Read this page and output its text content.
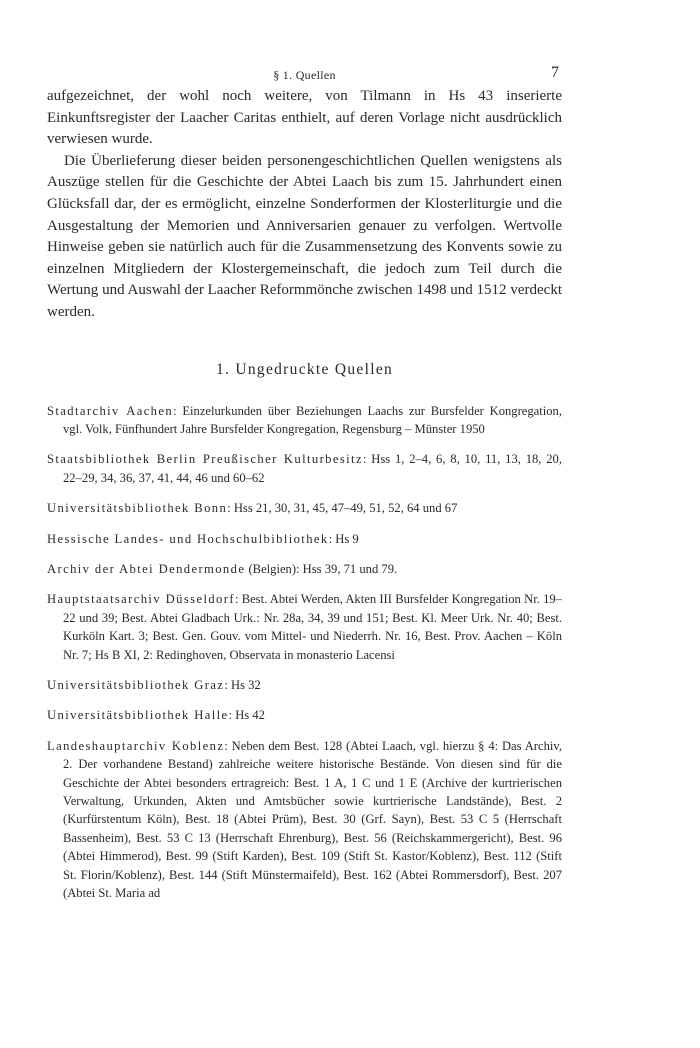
§ 1. Quellen	7

aufgezeichnet, der wohl noch weitere, von Tilmann in Hs 43 inserierte Einkunftsregister der Laacher Caritas enthielt, auf deren Vorlage nicht ausdrücklich verwiesen wurde.

Die Überlieferung dieser beiden personengeschichtlichen Quellen wenigstens als Auszüge stellen für die Geschichte der Abtei Laach bis zum 15. Jahrhundert einen Glücksfall dar, der es ermöglicht, einzelne Sonderformen der Klosterliturgie und die Ausgestaltung der Memorien und Anniversarien genauer zu verfolgen. Wertvolle Hinweise geben sie natürlich auch für die Zusammensetzung des Konvents sowie zu einzelnen Mitgliedern der Klostergemeinschaft, die jedoch zum Teil durch die Wertung und Auswahl der Laacher Reformmönche zwischen 1498 und 1512 verdeckt werden.

1. Ungedruckte Quellen

Stadtarchiv Aachen: Einzelurkunden über Beziehungen Laachs zur Bursfelder Kongregation, vgl. Volk, Fünfhundert Jahre Bursfelder Kongregation, Regensburg – Münster 1950

Staatsbibliothek Berlin Preußischer Kulturbesitz: Hss 1, 2–4, 6, 8, 10, 11, 13, 18, 20, 22–29, 34, 36, 37, 41, 44, 46 und 60–62

Universitätsbibliothek Bonn: Hss 21, 30, 31, 45, 47–49, 51, 52, 64 und 67

Hessische Landes- und Hochschulbibliothek: Hs 9

Archiv der Abtei Dendermonde (Belgien): Hss 39, 71 und 79.

Hauptstaatsarchiv Düsseldorf: Best. Abtei Werden, Akten III Bursfelder Kongregation Nr. 19–22 und 39; Best. Abtei Gladbach Urk.: Nr. 28a, 34, 39 und 151; Best. Kl. Meer Urk. Nr. 40; Best. Kurköln Kart. 3; Best. Gen. Gouv. vom Mittel- und Niederrh. Nr. 16, Best. Prov. Aachen – Köln Nr. 7; Hs B XI, 2: Redinghoven, Observata in monasterio Lacensi

Universitätsbibliothek Graz: Hs 32

Universitätsbibliothek Halle: Hs 42

Landeshauptarchiv Koblenz: Neben dem Best. 128 (Abtei Laach, vgl. hierzu § 4: Das Archiv, 2. Der vorhandene Bestand) zahlreiche weitere historische Bestände. Von diesen sind für die Geschichte der Abtei besonders ertragreich: Best. 1 A, 1 C und 1 E (Archive der kurtrierischen Verwaltung, Urkunden, Akten und Amtsbücher sowie kurtrierische Landstände), Best. 2 (Kurfürstentum Köln), Best. 18 (Abtei Prüm), Best. 30 (Grf. Sayn), Best. 53 C 5 (Herrschaft Bassenheim), Best. 53 C 13 (Herrschaft Ehrenburg), Best. 56 (Reichskammergericht), Best. 96 (Abtei Himmerod), Best. 99 (Stift Karden), Best. 109 (Stift St. Kastor/Koblenz), Best. 112 (Stift St. Florin/Koblenz), Best. 144 (Stift Münstermaifeld), Best. 162 (Abtei Rommersdorf), Best. 207 (Abtei St. Maria ad
